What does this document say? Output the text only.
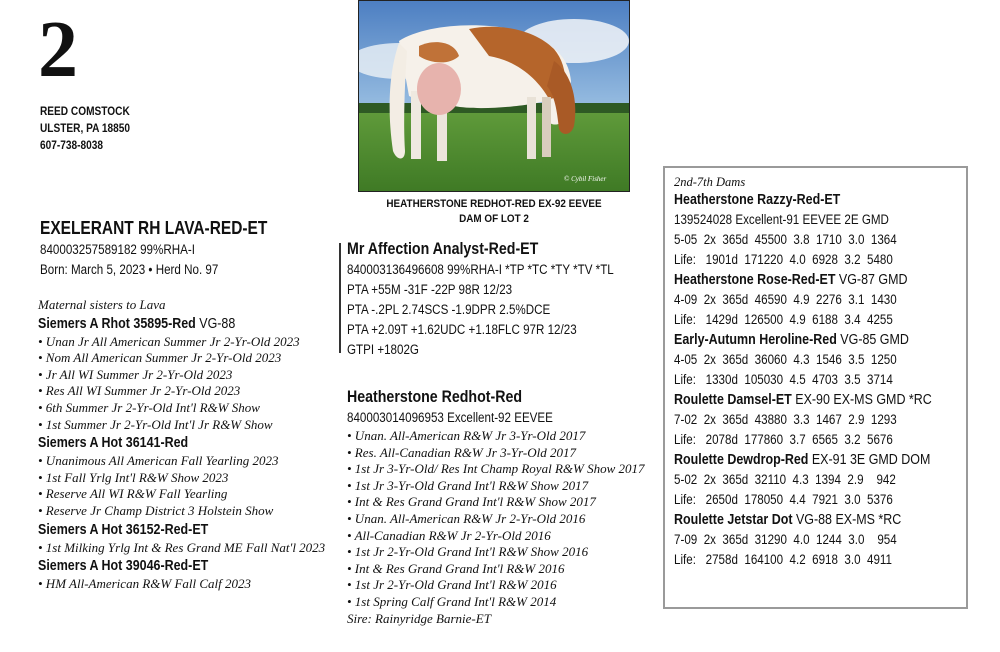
2
REED COMSTOCK
ULSTER, PA 18850
607-738-8038
EXELERANT RH LAVA-RED-ET
840003257589182 99%RHA-I
Born: March 5, 2023 • Herd No. 97
Maternal sisters to Lava
Siemers A Rhot 35895-Red VG-88
• Unan Jr All American Summer Jr 2-Yr-Old 2023
• Nom All American Summer Jr 2-Yr-Old 2023
• Jr All WI Summer Jr 2-Yr-Old 2023
• Res All WI Summer Jr 2-Yr-Old 2023
• 6th Summer Jr 2-Yr-Old Int'l R&W Show
• 1st Summer Jr 2-Yr-Old Int'l Jr R&W Show
Siemers A Hot 36141-Red
• Unanimous All American Fall Yearling 2023
• 1st Fall Yrlg Int'l R&W Show 2023
• Reserve All WI R&W Fall Yearling
• Reserve Jr Champ District 3 Holstein Show
Siemers A Hot 36152-Red-ET
• 1st Milking Yrlg Int & Res Grand ME Fall Nat'l 2023
Siemers A Hot 39046-Red-ET
• HM All-American R&W Fall Calf 2023
© Cybil Fisher
HEATHERSTONE REDHOT-RED EX-92 EEVEE
DAM OF LOT 2
Mr Affection Analyst-Red-ET
840003136496608 99%RHA-I *TP *TC *TY *TV *TL
PTA +55M -31F -22P 98R 12/23
PTA -.2PL 2.74SCS -1.9DPR 2.5%DCE
PTA +2.09T +1.62UDC +1.18FLC 97R 12/23
GTPI +1802G
Heatherstone Redhot-Red
840003014096953 Excellent-92 EEVEE
• Unan. All-American R&W Jr 3-Yr-Old 2017
• Res. All-Canadian R&W Jr 3-Yr-Old 2017
• 1st Jr 3-Yr-Old/ Res Int Champ Royal R&W Show 2017
• 1st Jr 3-Yr-Old Grand Int'l R&W Show 2017
• Int & Res Grand Grand Int'l R&W Show 2017
• Unan. All-American R&W Jr 2-Yr-Old 2016
• All-Canadian R&W Jr 2-Yr-Old 2016
• 1st Jr 2-Yr-Old Grand Int'l R&W Show 2016
• Int & Res Grand Grand Int'l R&W 2016
• 1st Jr 2-Yr-Old Grand Int'l R&W 2016
• 1st Spring Calf Grand Int'l R&W 2014
Sire: Rainyridge Barnie-ET
2nd-7th Dams
Heatherstone Razzy-Red-ET
139524028 Excellent-91 EEVEE 2E GMD
5-05  2x  365d  45500  3.8  1710  3.0  1364
Life:   1901d  171220  4.0  6928  3.2  5480
Heatherstone Rose-Red-ET VG-87 GMD
4-09  2x  365d  46590  4.9  2276  3.1  1430
Life:   1429d  126500  4.9  6188  3.4  4255
Early-Autumn Heroline-Red VG-85 GMD
4-05  2x  365d  36060  4.3  1546  3.5  1250
Life:   1330d  105030  4.5  4703  3.5  3714
Roulette Damsel-ET EX-90 EX-MS GMD *RC
7-02  2x  365d  43880  3.3  1467  2.9  1293
Life:   2078d  177860  3.7  6565  3.2  5676
Roulette Dewdrop-Red EX-91 3E GMD DOM
5-02  2x  365d  32110  4.3  1394  2.9    942
Life:   2650d  178050  4.4  7921  3.0  5376
Roulette Jetstar Dot VG-88 EX-MS *RC
7-09  2x  365d  31290  4.0  1244  3.0    954
Life:   2758d  164100  4.2  6918  3.0  4911
